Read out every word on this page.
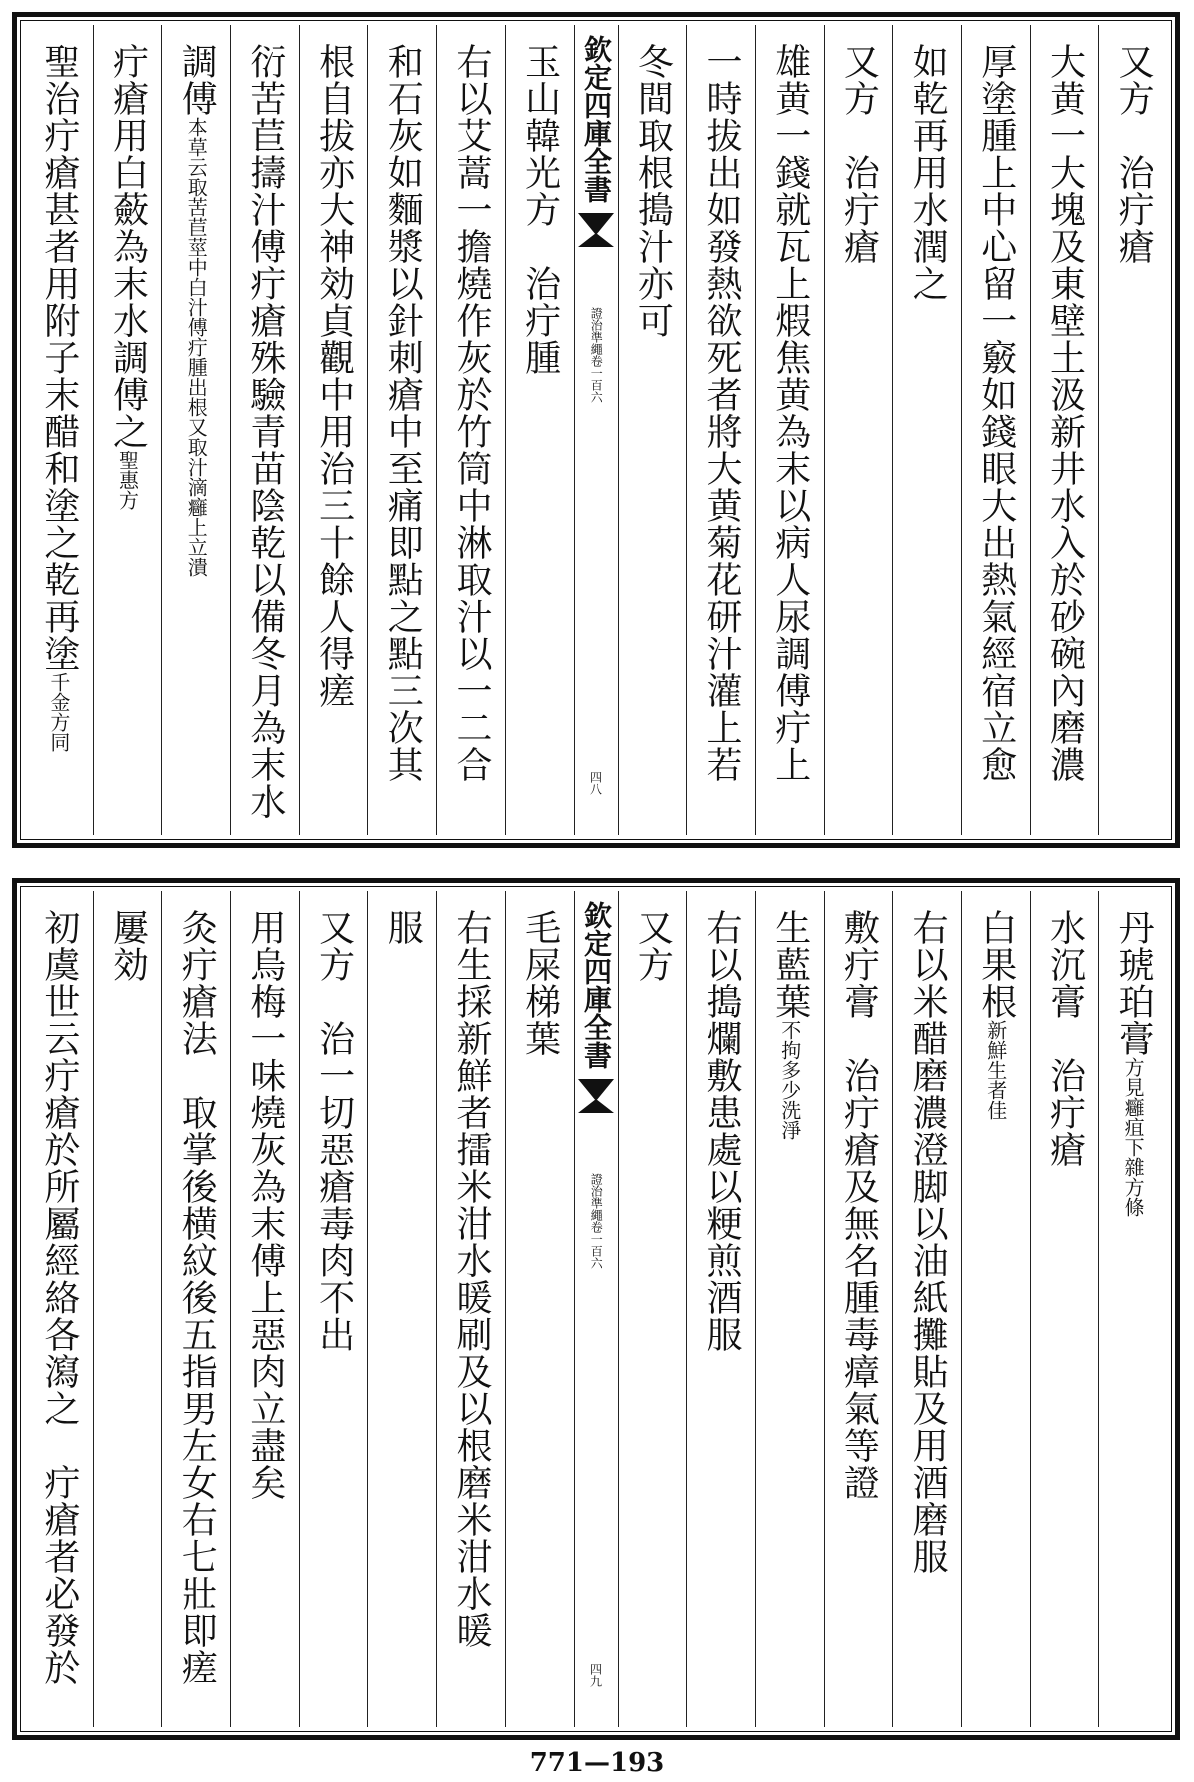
又方　治疔瘡
大黄一大塊及東壁土汲新井水入於砂碗內磨濃
厚塗腫上中心留一竅如錢眼大出熱氣經宿立愈
如乾再用水潤之
又方　治疔瘡
雄黄一錢就瓦上煆焦黄為末以病人尿調傅疔上
一時拔出如發熱欲死者將大黄菊花研汁灌上若
冬間取根搗汁亦可
欽定四庫全書
證治準繩卷一百六
四八
玉山韓光方　治疔腫
右以艾蒿一擔燒作灰於竹筒中淋取汁以一二合
和石灰如麵漿以針刺瘡中至痛即點之點三次其
根自拔亦大神効貞觀中用治三十餘人得瘥
衍苦苣擣汁傅疔瘡殊驗青苗陰乾以備冬月為末水
調傅本草云取苦苣莖中白汁傅疔腫出根又取汁滴癰上立潰
疔瘡用白蘞為末水調傅之聖惠方
聖治疔瘡甚者用附子末醋和塗之乾再塗千金方同
丹琥珀膏方見癰疽下雜方條
水沉膏　治疔瘡
白果根新鮮生者佳
右以米醋磨濃澄脚以油紙攤貼及用酒磨服
敷疔膏　治疔瘡及無名腫毒瘴氣等證
生藍葉不拘多少洗淨
右以搗爛敷患處以粳煎酒服
又方
欽定四庫全書
證治準繩卷一百六
四九
毛屎梯葉
右生採新鮮者擂米泔水暖刷及以根磨米泔水暖
服
又方　治一切惡瘡毒肉不出
用烏梅一味燒灰為末傅上惡肉立盡矣
灸疔瘡法　取掌後横紋後五指男左女右七壯即瘥
屢効
初虞世云疔瘡於所屬經絡各瀉之　疔瘡者必發於
771—193
